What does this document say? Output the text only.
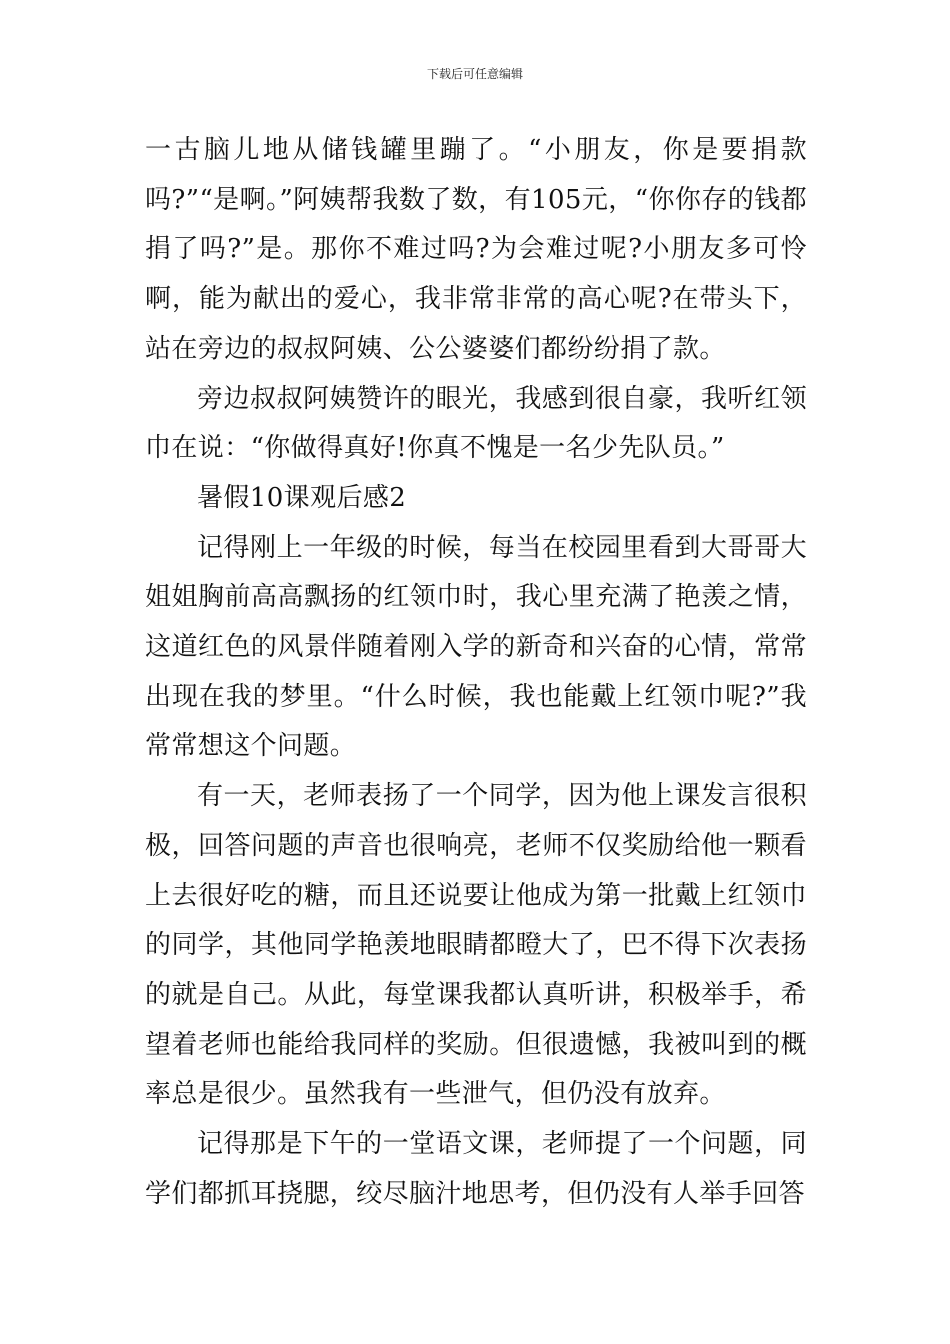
下载后可任意编辑

一古脑儿地从储钱罐里蹦了。“小朋友，你是要捐款吗?”“是啊。”阿姨帮我数了数，有105元，“你你存的钱都捐了吗?”是。那你不难过吗?为会难过呢?小朋友多可怜啊，能为献出的爱心，我非常非常的高心呢?在带头下，站在旁边的叔叔阿姨、公公婆婆们都纷纷捐了款。

旁边叔叔阿姨赞许的眼光，我感到很自豪，我听红领巾在说：“你做得真好!你真不愧是一名少先队员。”

暑假10课观后感2

记得刚上一年级的时候，每当在校园里看到大哥哥大姐姐胸前高高飘扬的红领巾时，我心里充满了艳羡之情，这道红色的风景伴随着刚入学的新奇和兴奋的心情，常常出现在我的梦里。“什么时候，我也能戴上红领巾呢?”我常常想这个问题。

有一天，老师表扬了一个同学，因为他上课发言很积极，回答问题的声音也很响亮，老师不仅奖励给他一颗看上去很好吃的糖，而且还说要让他成为第一批戴上红领巾的同学，其他同学艳羡地眼睛都瞪大了，巴不得下次表扬的就是自己。从此，每堂课我都认真听讲，积极举手，希望着老师也能给我同样的奖励。但很遗憾，我被叫到的概率总是很少。虽然我有一些泄气，但仍没有放弃。

记得那是下午的一堂语文课，老师提了一个问题，同学们都抓耳挠腮，绞尽脑汁地思考，但仍没有人举手回答
